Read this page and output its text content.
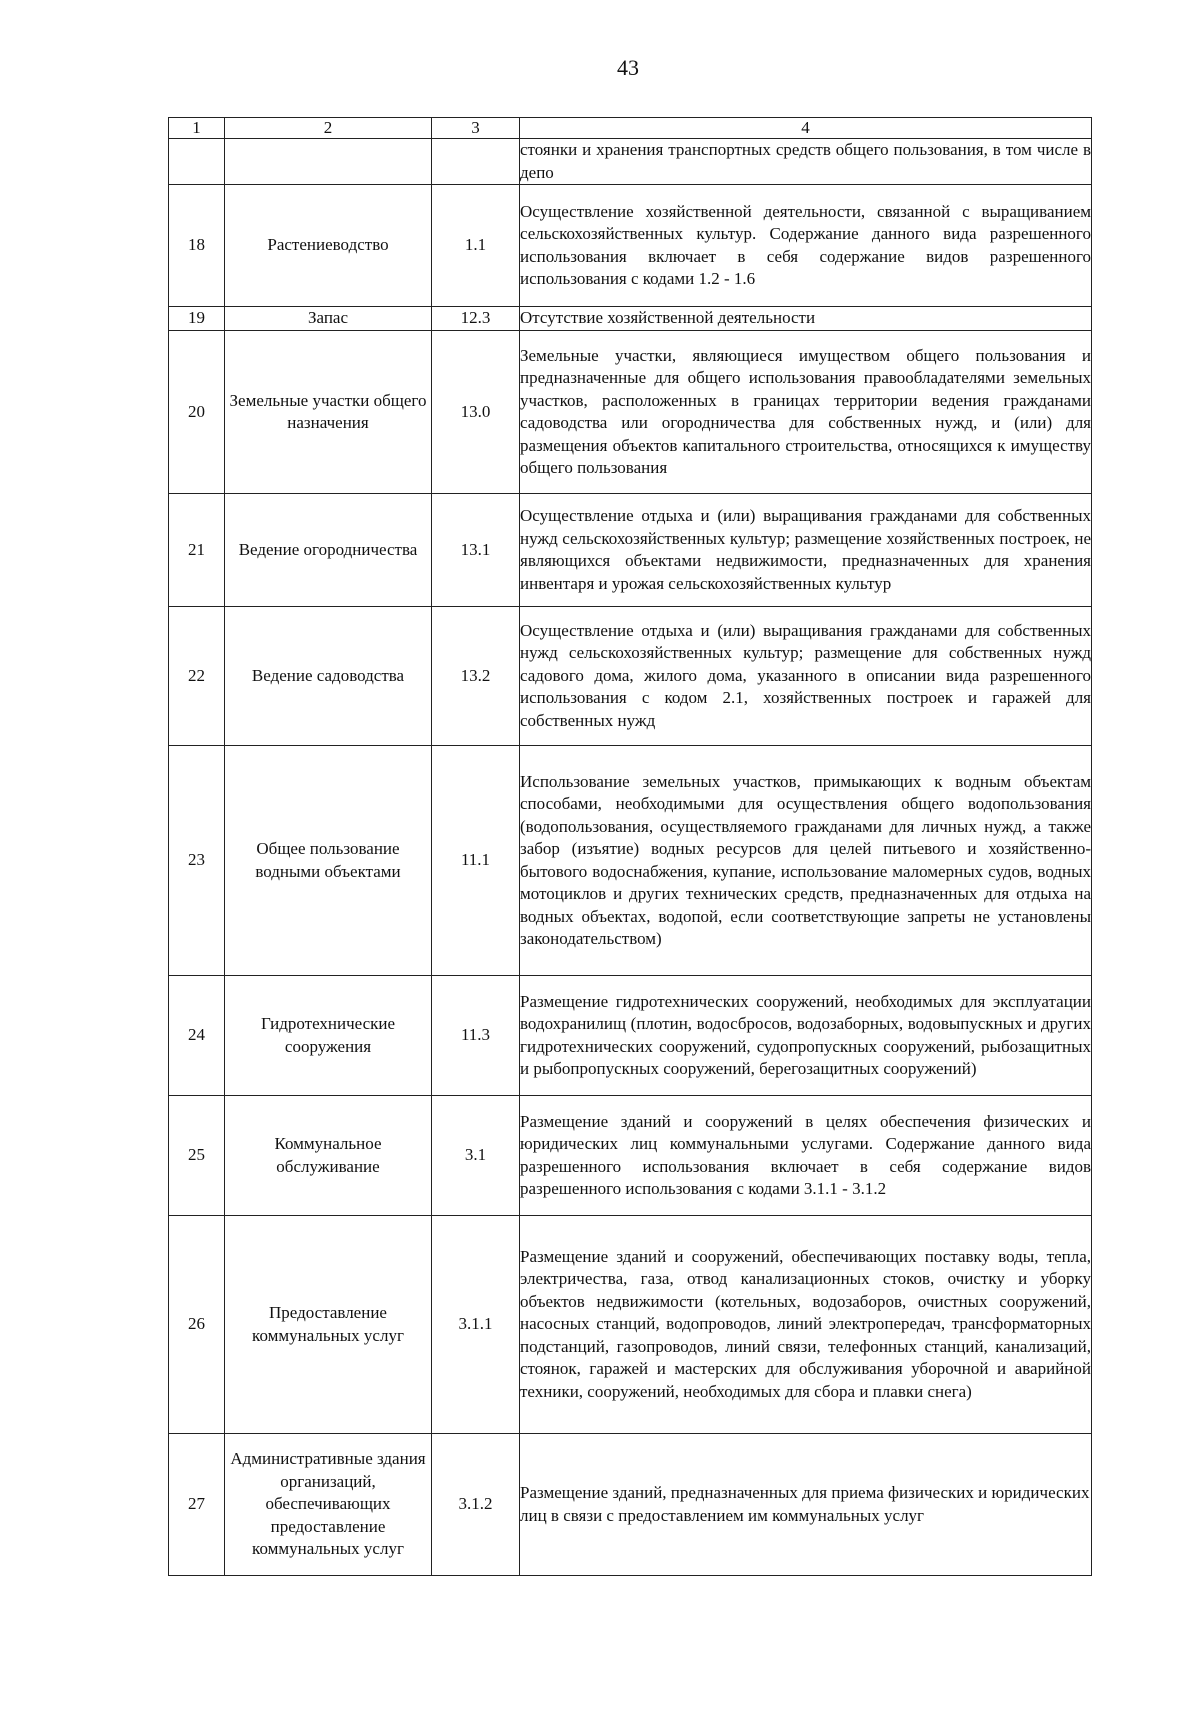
43
1	2	3	4
			стоянки и хранения транспортных средств общего пользования, в том числе в депо
18	Растениеводство	1.1	Осуществление хозяйственной деятельности, связанной с выращиванием сельскохозяйственных культур. Содержание данного вида разрешенного использования включает в себя содержание видов разрешенного использования с кодами 1.2 - 1.6
19	Запас	12.3	Отсутствие хозяйственной деятельности
20	Земельные участки общего назначения	13.0	Земельные участки, являющиеся имуществом общего пользования и предназначенные для общего использования правообладателями земельных участков, расположенных в границах территории ведения гражданами садоводства или огородничества для собственных нужд, и (или) для размещения объектов капитального строительства, относящихся к имуществу общего пользования
21	Ведение огородничества	13.1	Осуществление отдыха и (или) выращивания гражданами для собственных нужд сельскохозяйственных культур; размещение хозяйственных построек, не являющихся объектами недвижимости, предназначенных для хранения инвентаря и урожая сельскохозяйственных культур
22	Ведение садоводства	13.2	Осуществление отдыха и (или) выращивания гражданами для собственных нужд сельскохозяйственных культур; размещение для собственных нужд садового дома, жилого дома, указанного в описании вида разрешенного использования с кодом 2.1, хозяйственных построек и гаражей для собственных нужд
23	Общее пользование водными объектами	11.1	Использование земельных участков, примыкающих к водным объектам способами, необходимыми для осуществления общего водопользования (водопользования, осуществляемого гражданами для личных нужд, а также забор (изъятие) водных ресурсов для целей питьевого и хозяйственно-бытового водоснабжения, купание, использование маломерных судов, водных мотоциклов и других технических средств, предназначенных для отдыха на водных объектах, водопой, если соответствующие запреты не установлены законодательством)
24	Гидротехнические сооружения	11.3	Размещение гидротехнических сооружений, необходимых для эксплуатации водохранилищ (плотин, водосбросов, водозаборных, водовыпускных и других гидротехнических сооружений, судопропускных сооружений, рыбозащитных и рыбопропускных сооружений, берегозащитных сооружений)
25	Коммунальное обслуживание	3.1	Размещение зданий и сооружений в целях обеспечения физических и юридических лиц коммунальными услугами. Содержание данного вида разрешенного использования включает в себя содержание видов разрешенного использования с кодами 3.1.1 - 3.1.2
26	Предоставление коммунальных услуг	3.1.1	Размещение зданий и сооружений, обеспечивающих поставку воды, тепла, электричества, газа, отвод канализационных стоков, очистку и уборку объектов недвижимости (котельных, водозаборов, очистных сооружений, насосных станций, водопроводов, линий электропередач, трансформаторных подстанций, газопроводов, линий связи, телефонных станций, канализаций, стоянок, гаражей и мастерских для обслуживания уборочной и аварийной техники, сооружений, необходимых для сбора и плавки снега)
27	Административные здания организаций, обеспечивающих предоставление коммунальных услуг	3.1.2	Размещение зданий, предназначенных для приема физических и юридических лиц в связи с предоставлением им коммунальных услуг
